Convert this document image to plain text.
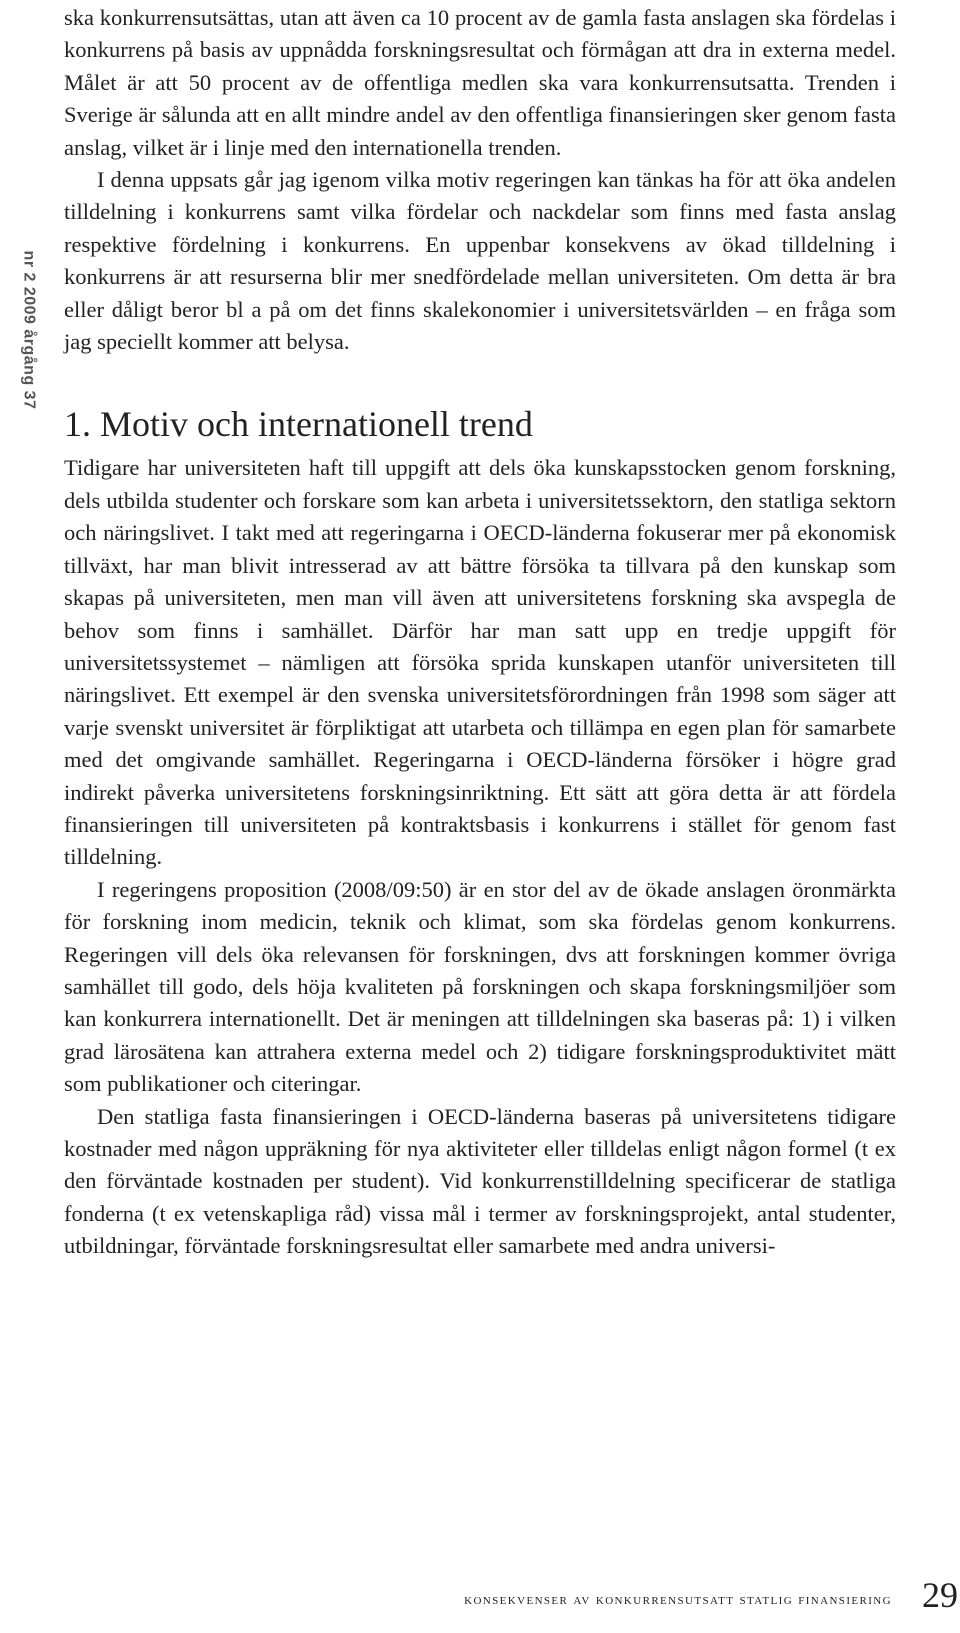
nr 2 2009 årgång 37

ska konkurrensutsättas, utan att även ca 10 procent av de gamla fasta anslagen ska fördelas i konkurrens på basis av uppnådda forskningsresultat och förmågan att dra in externa medel. Målet är att 50 procent av de offentliga medlen ska vara konkurrensutsatta. Trenden i Sverige är sålunda att en allt mindre andel av den offentliga finansieringen sker genom fasta anslag, vilket är i linje med den internationella trenden.

I denna uppsats går jag igenom vilka motiv regeringen kan tänkas ha för att öka andelen tilldelning i konkurrens samt vilka fördelar och nackdelar som finns med fasta anslag respektive fördelning i konkurrens. En uppenbar konsekvens av ökad tilldelning i konkurrens är att resurserna blir mer snedfördelade mellan universiteten. Om detta är bra eller dåligt beror bl a på om det finns skalekonomier i universitetsvärlden – en fråga som jag speciellt kommer att belysa.

1. Motiv och internationell trend

Tidigare har universiteten haft till uppgift att dels öka kunskapsstocken genom forskning, dels utbilda studenter och forskare som kan arbeta i universitetssektorn, den statliga sektorn och näringslivet. I takt med att regeringarna i OECD-länderna fokuserar mer på ekonomisk tillväxt, har man blivit intresserad av att bättre försöka ta tillvara på den kunskap som skapas på universiteten, men man vill även att universitetens forskning ska avspegla de behov som finns i samhället. Därför har man satt upp en tredje uppgift för universitetssystemet – nämligen att försöka sprida kunskapen utanför universiteten till näringslivet. Ett exempel är den svenska universitetsförordningen från 1998 som säger att varje svenskt universitet är förpliktigat att utarbeta och tillämpa en egen plan för samarbete med det omgivande samhället. Regeringarna i OECD-länderna försöker i högre grad indirekt påverka universitetens forskningsinriktning. Ett sätt att göra detta är att fördela finansieringen till universiteten på kontraktsbasis i konkurrens i stället för genom fast tilldelning.

I regeringens proposition (2008/09:50) är en stor del av de ökade anslagen öronmärkta för forskning inom medicin, teknik och klimat, som ska fördelas genom konkurrens. Regeringen vill dels öka relevansen för forskningen, dvs att forskningen kommer övriga samhället till godo, dels höja kvaliteten på forskningen och skapa forskningsmiljöer som kan konkurrera internationellt. Det är meningen att tilldelningen ska baseras på: 1) i vilken grad lärosätena kan attrahera externa medel och 2) tidigare forskningsproduktivitet mätt som publikationer och citeringar.

Den statliga fasta finansieringen i OECD-länderna baseras på universitetens tidigare kostnader med någon uppräkning för nya aktiviteter eller tilldelas enligt någon formel (t ex den förväntade kostnaden per student). Vid konkurrenstilldelning specificerar de statliga fonderna (t ex vetenskapliga råd) vissa mål i termer av forskningsprojekt, antal studenter, utbildningar, förväntade forskningsresultat eller samarbete med andra universi-

konsekvenser av konkurrensutsatt statlig finansiering 29
